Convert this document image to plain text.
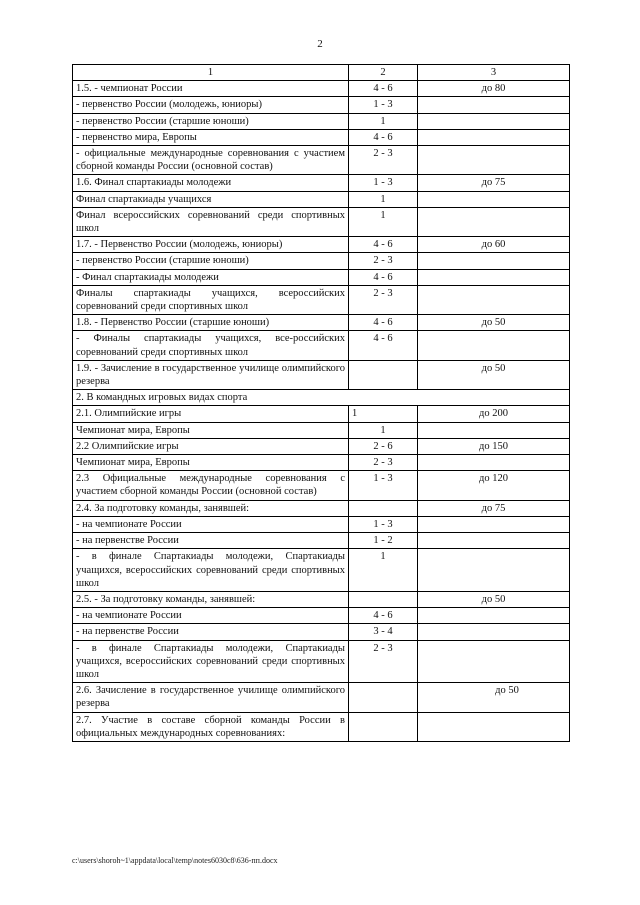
2
1	2	3
1.5. - чемпионат России	4 - 6	до 80
- первенство России (молодежь, юниоры)	1 - 3	
- первенство России (старшие юноши)	1	
- первенство мира, Европы	4 - 6	
- официальные международные соревнования с участием сборной команды России (основной состав)	2 - 3	
1.6. Финал спартакиады молодежи	1 - 3	до 75
Финал спартакиады учащихся	1	
Финал всероссийских соревнований среди спортивных школ	1	
1.7. - Первенство России (молодежь, юниоры)	4 - 6	до 60
- первенство России (старшие юноши)	2 - 3	
- Финал спартакиады молодежи	4 - 6	
Финалы спартакиады учащихся, всероссийских соревнований среди спортивных школ	2 - 3	
1.8. - Первенство России (старшие юноши)	4 - 6	до 50
- Финалы спартакиады учащихся, все-российских соревнований среди спортивных школ	4 - 6	
1.9. - Зачисление в государственное училище олимпийского резерва		до 50
2. В командных игровых видах спорта		
2.1. Олимпийские игры	1	до 200
Чемпионат мира, Европы	1	
2.2 Олимпийские игры	2 - 6	до 150
Чемпионат мира, Европы	2 - 3	
2.3 Официальные международные соревнования с участием сборной команды России (основной состав)	1 - 3	до 120
2.4. За подготовку команды, занявшей:		до 75
- на чемпионате России	1 - 3	
- на первенстве России	1 - 2	
- в финале Спартакиады молодежи, Спартакиады учащихся, всероссийских соревнований среди спортивных школ	1	
2.5. - За подготовку команды, занявшей:		до 50
- на чемпионате России	4 - 6	
- на первенстве России	3 - 4	
- в финале Спартакиады молодежи, Спартакиады учащихся, всероссийских соревнований среди спортивных школ	2 - 3	
2.6. Зачисление в государственное училище олимпийского резерва		до 50
2.7. Участие в составе сборной команды России в официальных международных соревнованиях:		
c:\users\shoroh~1\appdata\local\temp\notes6030c8\636-пп.docx
